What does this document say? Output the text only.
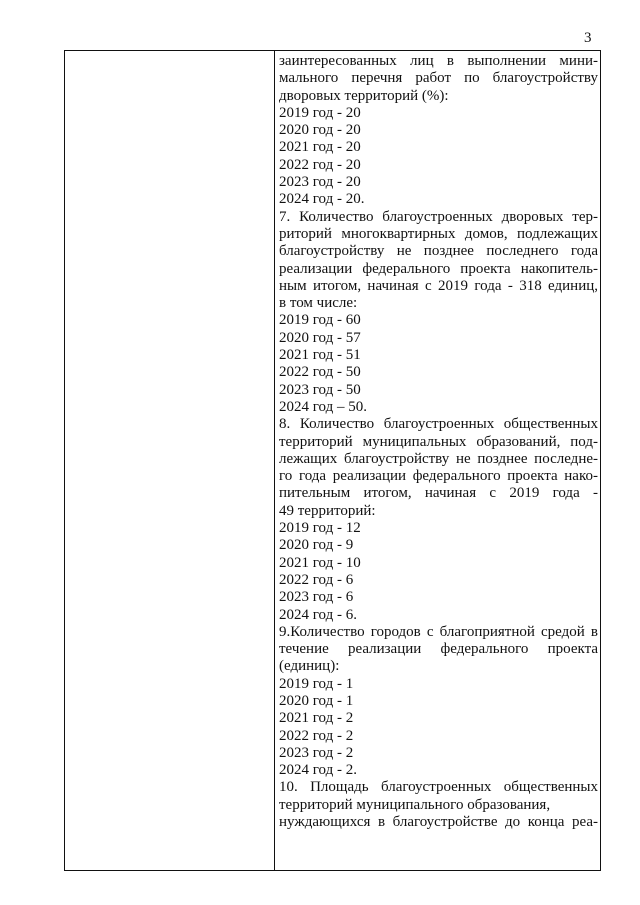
3
заинтересованных лиц в выполнении мини-
мального перечня работ по благоустройству
дворовых территорий (%):
2019 год - 20
2020 год - 20
2021 год - 20
2022 год - 20
2023 год - 20
2024 год - 20.
7. Количество благоустроенных дворовых тер-
риторий многоквартирных домов, подлежащих
благоустройству не позднее последнего года
реализации федерального проекта накопитель-
ным итогом, начиная с 2019 года - 318 единиц,
в том числе:
2019 год - 60
2020 год - 57
2021 год - 51
2022 год - 50
2023 год - 50
2024 год – 50.
8. Количество благоустроенных общественных
территорий муниципальных образований, под-
лежащих благоустройству не позднее последне-
го года реализации федерального проекта нако-
пительным итогом, начиная с 2019 года -
49 территорий:
2019 год - 12
2020 год - 9
2021 год - 10
2022 год - 6
2023 год - 6
2024 год - 6.
9.Количество городов с благоприятной средой в
течение реализации федерального проекта
(единиц):
2019 год - 1
2020 год - 1
2021 год - 2
2022 год - 2
2023 год - 2
2024 год - 2.
10. Площадь благоустроенных общественных
территорий муниципального образования,
нуждающихся в благоустройстве до конца реа-
